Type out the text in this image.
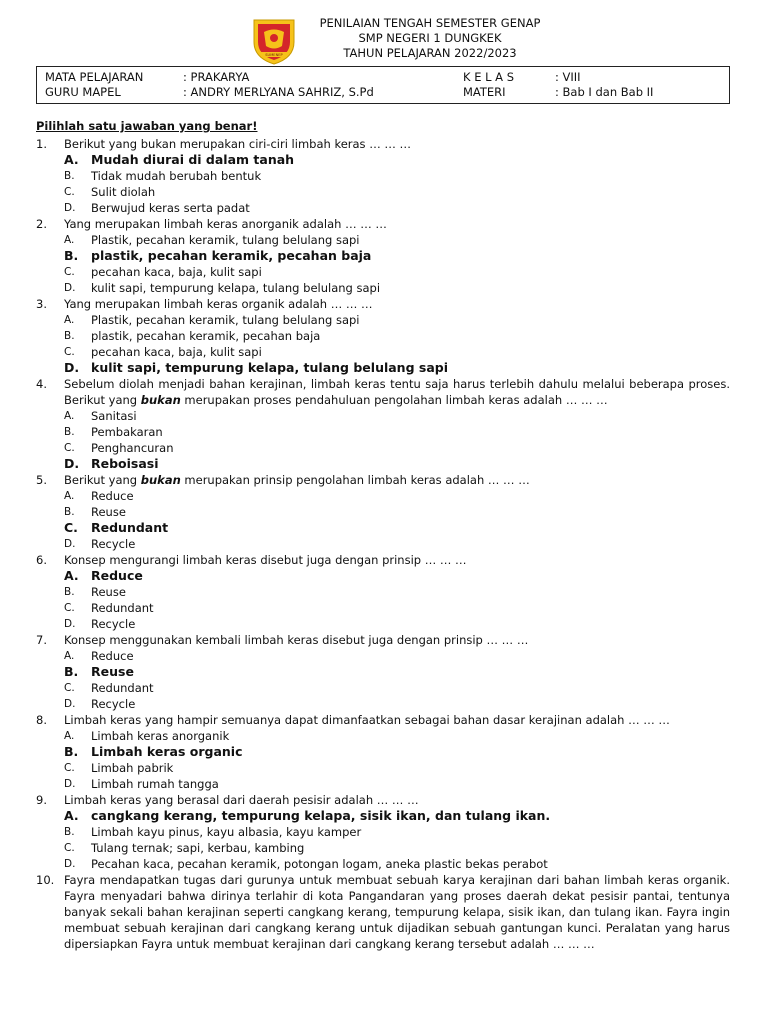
SUMENEP
PENILAIAN TENGAH SEMESTER GENAP
SMP NEGERI 1 DUNGKEK
TAHUN PELAJARAN 2022/2023
MATA PELAJARAN	: PRAKARYA
GURU MAPEL	: ANDRY MERLYANA SAHRIZ, S.Pd
K E L A S	: VIII
MATERI	: Bab I dan Bab II
Pilihlah satu jawaban yang benar!
1.	Berikut yang bukan merupakan ciri-ciri limbah keras … … …
A. Mudah diurai di dalam tanah
B.	Tidak mudah berubah bentuk
C.	Sulit diolah
D.	Berwujud keras serta padat
2.	Yang merupakan limbah keras anorganik adalah … … …
A.	Plastik, pecahan keramik, tulang belulang sapi
B.	plastik, pecahan keramik, pecahan baja
C.	pecahan kaca, baja, kulit sapi
D.	kulit sapi, tempurung kelapa, tulang belulang sapi
3.	Yang merupakan limbah keras organik adalah … … …
A.	Plastik, pecahan keramik, tulang belulang sapi
B.	plastik, pecahan keramik, pecahan baja
C.	pecahan kaca, baja, kulit sapi
D. kulit sapi, tempurung kelapa, tulang belulang sapi
4.	Sebelum diolah menjadi bahan kerajinan, limbah keras tentu saja harus terlebih dahulu melalui beberapa proses. Berikut yang bukan merupakan proses pendahuluan pengolahan limbah keras adalah … … …
A.	Sanitasi
B.	Pembakaran
C.	Penghancuran
D. Reboisasi
5.	Berikut yang bukan merupakan prinsip pengolahan limbah keras adalah … … …
A.	Reduce
B.	Reuse
C.	Redundant
D.	Recycle
6.	Konsep mengurangi limbah keras disebut juga dengan prinsip … … …
A. Reduce
B.	Reuse
C.	Redundant
D.	Recycle
7.	Konsep menggunakan kembali limbah keras disebut juga dengan prinsip … … …
A.	Reduce
B.	Reuse
C.	Redundant
D.	Recycle
8.	Limbah keras yang hampir semuanya dapat dimanfaatkan sebagai bahan dasar kerajinan adalah … … …
A.	Limbah keras anorganik
B.	Limbah keras organic
C.	Limbah pabrik
D.	Limbah rumah tangga
9.	Limbah keras yang berasal dari daerah pesisir adalah … … …
A. cangkang kerang, tempurung kelapa, sisik ikan, dan tulang ikan.
B.	Limbah kayu pinus, kayu albasia, kayu kamper
C.	Tulang ternak; sapi, kerbau, kambing
D.	Pecahan kaca, pecahan keramik, potongan logam, aneka plastic bekas perabot
10. Fayra mendapatkan tugas dari gurunya untuk membuat sebuah karya kerajinan dari bahan limbah keras organik. Fayra menyadari bahwa dirinya terlahir di kota Pangandaran yang proses daerah dekat pesisir pantai, tentunya banyak sekali bahan kerajinan seperti cangkang kerang, tempurung kelapa, sisik ikan, dan tulang ikan. Fayra ingin membuat sebuah kerajinan dari cangkang kerang untuk dijadikan sebuah gantungan kunci. Peralatan yang harus dipersiapkan Fayra untuk membuat kerajinan dari cangkang kerang tersebut adalah … … …
